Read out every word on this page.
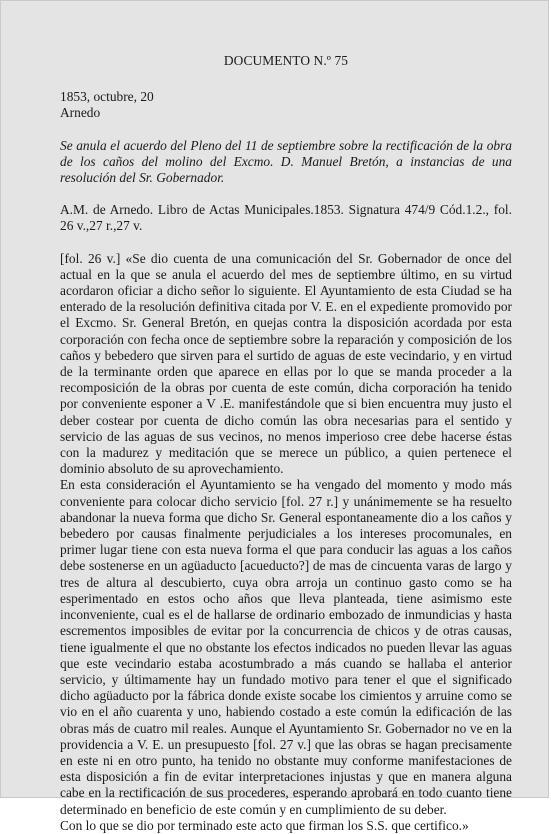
DOCUMENTO N.º 75

1853, octubre, 20

Arnedo

Se anula el acuerdo del Pleno del 11 de septiembre sobre la rectificación de la obra de los caños del molino del Excmo. D. Manuel Bretón, a instancias de una resolución del Sr. Gobernador.

A.M. de Arnedo. Libro de Actas Municipales.1853. Signatura 474/9 Cód.1.2., fol. 26 v.,27 r.,27 v.

[fol. 26 v.] «Se dio cuenta de una comunicación del Sr. Gobernador de once del actual en la que se anula el acuerdo del mes de septiembre último, en su virtud acordaron oficiar a dicho señor lo siguiente. El Ayuntamiento de esta Ciudad se ha enterado de la resolución definitiva citada por V. E. en el expediente promovido por el Excmo. Sr. General Bretón, en quejas contra la disposición acordada por esta corporación con fecha once de septiembre sobre la reparación y composición de los caños y bebedero que sirven para el surtido de aguas de este vecindario, y en virtud de la terminante orden que aparece en ellas por lo que se manda proceder a la recomposición de la obras por cuenta de este común, dicha corporación ha tenido por conveniente esponer a V .E. manifestándole que si bien encuentra muy justo el deber costear por cuenta de dicho común las obra necesarias para el sentido y servicio de las aguas de sus vecinos, no menos imperioso cree debe hacerse éstas con la madurez y meditación que se merece un público, a quien pertenece el dominio absoluto de su aprovechamiento.

En esta consideración el Ayuntamiento se ha vengado del momento y modo más conveniente para colocar dicho servicio [fol. 27 r.] y unánimemente se ha resuelto abandonar la nueva forma que dicho Sr. General espontaneamente dio a los caños y bebedero por causas finalmente perjudiciales a los intereses procomunales, en primer lugar tiene con esta nueva forma el que para conducir las aguas a los caños debe sostenerse en un agüaducto [acueducto?] de mas de cincuenta varas de largo y tres de altura al descubierto, cuya obra arroja un continuo gasto como se ha esperimentado en estos ocho años que lleva planteada, tiene asimismo este inconveniente, cual es el de hallarse de ordinario embozado de inmundicias y hasta escrementos imposibles de evitar por la concurrencia de chicos y de otras causas, tiene igualmente el que no obstante los efectos indicados no pueden llevar las aguas que este vecindario estaba acostumbrado a más cuando se hallaba el anterior servicio, y últimamente hay un fundado motivo para tener el que el significado dicho agüaducto por la fábrica donde existe socabe los cimientos y arruine como se vio en el año cuarenta y uno, habiendo costado a este común la edificación de las obras más de cuatro mil reales. Aunque el Ayuntamiento Sr. Gobernador no ve en la providencia a V. E. un presupuesto [fol. 27 v.] que las obras se hagan precisamente en este ni en otro punto, ha tenido no obstante muy conforme manifestaciones de esta disposición a fin de evitar interpretaciones injustas y que en manera alguna cabe en la rectificación de sus procederes, esperando aprobará en todo cuanto tiene determinado en beneficio de este común y en cumplimiento de su deber.

Con lo que se dio por terminado este acto que firman los S.S. que certifico.»
